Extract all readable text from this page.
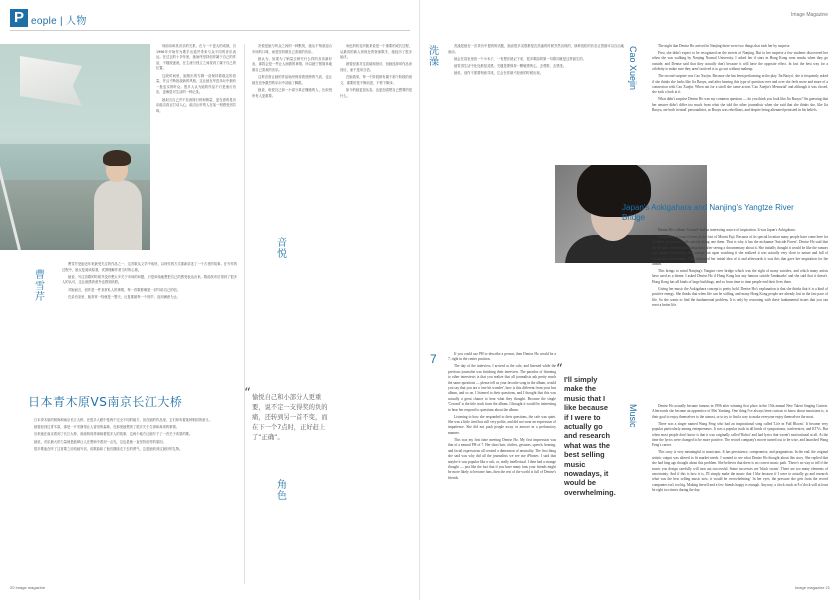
P eople | 人物

何韵诗和其音乐的关系，在与一个更大的成就，自1996年开始作为歌手出道并带来与众不同的音乐表达。在过去的十多年里，她始终坚持创作属于自己的作品，不随波逐流，在主流与独立之间找到了属于自己的位置。

这段时间里，她推出的专辑一直保持着稳定的质量，并且不断挑战新的风格，这让她在华语乐坛中拥有一批忠实的听众。很多人认为她的作品不只是流行音乐，更像是对生活的一种记录。

她坦言自己并不在意排行榜和销量，更在意的是音乐能否真正打动人心，能否让听的人在某一刻感受到共鸣。

曹
雪
芹

曹雪芹是她近年来最受关注的作品之一，这首歌从文学中取材，以现代的方式重新讲述了一个古老的故事。在写作的过程中，她反复阅读原著，试图理解作者当时的心境。

她说，写这首歌的时候并没有想太多关于市场的问题，只是单纯地想把自己的感受表达出来。歌曲发布后得到了很多人的认可，这让她感到意外也感到欣慰。

对她而言，创作是一件非常私人的事情，每一首歌都像是一封写给自己的信。

在录音室里，她常常一待就是一整天，反复推敲每一个细节，直到满意为止。

日本青木原VS南京长江大桥

日本青木原的树海和南京长江大桥，在很多人眼中是两个完全不同的地方，但在她的作品里，它们却有着某种相同的意义。

她曾经到过青木原，那是一片安静得让人害怕的森林，在那里她想到了很多关于生命和离别的事情。

后来她在南京看到了长江大桥，那座桥同样承载着很多人的故事，这两个地方让她写下了一首关于希望的歌。

她说，音乐最大的力量就是能够让人在黑暗中看到一点光，这也是她一直坚持创作的原因。

很多歌迷在听了这首歌之后给她写信，说歌曲给了他们继续走下去的勇气，这是她收到过最好的礼物。

音悦是她与听众之间的一种默契，她从不刻意迎合市场的口味，而是坚持做自己喜欢的音乐。

她认为，如果为了销量去研究什么样的音乐最好卖，那将会是一件让人崩溃的事情，所以她宁愿简单地做自己喜欢的音乐。

这种态度让她的作品始终保持着独特的气质，也让她在竞争激烈的乐坛中站稳了脚跟。

她说，取悦自己和一小部分真正懂她的人，比取悦所有人更重要。

音
悦
“ 愉悦自己和小部分人更重要，说不定一支得奖的负的痛，还转到另一首不变，而在下一个7点时，正好赶上了“正确”。
角
色

角色的转变对她来说是一个重要的成长过程，从最初的新人到现在的资深歌手，她经历了很多起伏。

她曾经面对过质疑和批评，但她选择用作品来回应，而不是用言语。

在她看来，每一个阶段都有属于那个阶段的意义，重要的是不断前进，不停下脚步。

如今的她更加从容，也更加清楚自己想要的是什么。

20 Image magazine
Image Magazine
洗
澡

洗澡是她在一次采访中提到的话题，她说很多灵感都是在洗澡的时候突然出现的，那种放松的状态让思绪可以自由地流动。

她会在浴室里放一个小本子，一有想法就记下来，很多歌曲的第一句歌词就是这样诞生的。

她觉得生活中处处都是灵感，关键是要保持一颗敏感的心，去观察，去感受。

她说，创作不需要刻意寻找，它会在你最不经意的时候出现。	Cao Xuejin	The night that Denise Ho arrived in Nanjing there were two things that took her by surprise.

First, she didn't expect to be recognized on the streets of Nanjing. But to her surprise a few students discovered her when she was walking by Nanjing Normal University. I asked her if stars in Hong Kong wear masks when they go outside, and Denise said that they actually don't because it will have the opposite effect. In fact the best way for a celebrity to make sure they aren't noticed is to go out without makeup.

The second surprise was Cao Xuejin. Because she has been performing in the play 'Jia Baoyu', she is frequently asked if she thinks she looks like Jia Baoyu, and after hearing this type of question over and over she feels more and more of a connection with Cao Xuejin. When out for a stroll she came across 'Cao Xuejin's Memorial' and although it was closed, she took a look at it.

What didn't surprise Denise Ho was my common question — do you think you look like Jia Baoyu? I'm guessing that her answer didn't differ too much from what she told the other journalists when she said that she thinks she, like Jia Baoyu, are both 'neutral' personalities, as Baoyu was rebellious, and despite being alienated persisted in his beliefs.

Japan's Aokigahara and Nanjing's Yangtze River Bridge

Denise Ho's album 'Coward' had an interesting source of inspiration. It was Japan's Aokigahara.

Aokigahara is a sea of trees at the foot of Mount Fuji. Because of its special location many people have come here for all kinds of reasons, with suicide being one them. That is why it has the nickname 'Suicide Forest'. Denise Ho said that she became interested in Aokigahara after seeing a documentary about it. She initially thought it would be like the rumors and appear treacherous and strange but upon watching it she realized it was actually very close to nature and full of tranquility and animals. This subverted her initial idea of it and afterwards it was this that gave her inspiration for the album.

This brings to mind Nanjing's Yangtze river bridge which was the sight of many suicides, and which many artists have used as a theme. I asked Denise Ho if Hong Kong has any famous suicide 'landmarks' and she said that it doesn't. Hong Kong has all kinds of large buildings, and so from time to time people end their lives there.

Giving her music the Aokigahara concept is pretty bold. Denise Ho's explanation is that she thinks that it is a kind of positive energy. She thinks that when life can be stifling, and many Hong Kong people are already lost in the fast pace of life. So she wants to find the fundamental problem. It is only by reasoning with these fundamental issues that you can reset a better life.

7	If you could use PH to describe a person, then Denise Ho would be a 7, right in the center position.

The day of the interview, I arrived at the cafe, and listened while the previous journalist was finishing their interview. The paradox of listening to other interviews is that you realize that all journalists ask pretty much the same questions — please tell us your favorite song in the album, would you say that you are a 'one hit wonder', how is this different from your last album, and so on. I listened to their questions, and I thought that this was actually a great chance to hear what they thought. Because the single 'Coward' is the title track from the album, I thought it would be interesting to hear her respond to questions about the album.

Listening to how she responded to their questions, the cafe was quiet. She was a little tired but still very polite, and did not wear an expression of impatience. She did not push people away or answer in a perfunctory manner.

This was my first time meeting Denise Ho. My first impression was that of a neutral PH of 7. Her short hair, clothes, gestures, speech, bearing, and facial expressions all created a dimension of neutrality. The first thing she said was why did all the journalists we see use iPhones. I said that maybe it was popular like a cult, or, really intellectual. I then had a strange thought — just like the fact that if you have many fans your friends might be more likely to become fans, then the rest of the world is full of Denise's friends.

“
I'll simply make the music that I like because if I were to actually go and research what was the best selling music nowadays, it would be overwhelming.
Music	Denise Ho actually became famous in 1996 after winning first place in the 15th annual New Talent Singing Contest. Afterwards she became an apprentice of Mei Yanfang. One thing I've always been curious to know about musicians is, is their goal to enjoy themselves to the utmost, or to try to find a way to make everyone enjoy themselves the most.

There was a singer named Wang Feng who had an inspirational song called 'Life in Full Bloom'. It became very popular particularly among entrepreneurs. It was a popular track in all kinds of symposiums, conferences, and KTVs. But when most people don't know is that it was originally called 'Robot' and had lyrics that weren't motivational at all. At the time the lyrics were changed to be more positive. The record company's movie turned out to be wise, and launched Wang Feng's career.

This story is very meaningful to musicians. It has persistence, compromise, and pragmatism. In the end, the original artistic output was altered to fit market needs. I wanted to see what Denise Ho thought about this story. She replied that she had long ago thought about this problem. She believes that there is no correct music path. 'There's no way to tell if the music you design carefully will turn out successful. Some successes are 'black swans'. There are too many elements of uncertainty. And if this is how it is, I'll simply make the music that I like because if I were to actually go and research what was the best selling music now, it would be overwhelming.' In her eyes, the pressure she gets from the record companies isn't too big. Making herself and a few friends happy is enough. Anyway, a clock stuck at 8 o'clock will at least be right two times during the day.

Image magazine 21
